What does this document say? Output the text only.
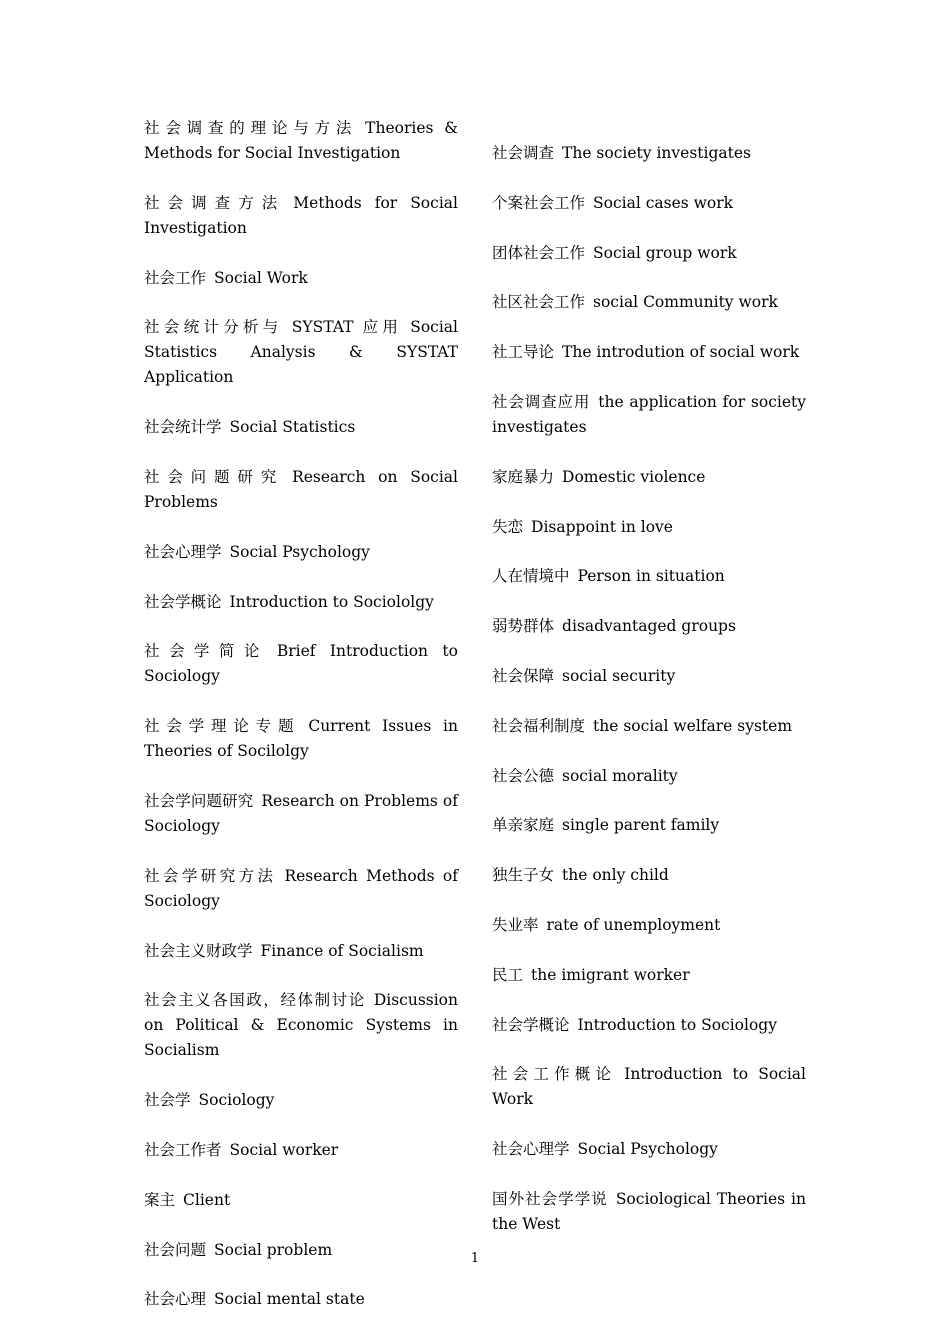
社会调查的理论与方法 Theories & Methods for Social Investigation

社会调查方法 Methods for Social Investigation

社会工作 Social Work

社会统计分析与 SYSTAT 应用 Social Statistics Analysis & SYSTAT Application

社会统计学 Social Statistics

社会问题研究 Research on Social Problems

社会心理学 Social Psychology

社会学概论 Introduction to Sociololgy

社会学简论 Brief Introduction to Sociology

社会学理论专题 Current Issues in Theories of Socilolgy

社会学问题研究 Research on Problems of Sociology

社会学研究方法 Research Methods of Sociology

社会主义财政学 Finance of Socialism

社会主义各国政，经体制讨论 Discussion on Political & Economic Systems in Socialism

社会学 Sociology

社会工作者 Social worker

案主 Client

社会问题 Social problem

社会心理 Social mental state

社会调查 The society investigates

个案社会工作 Social cases work

团体社会工作 Social group work

社区社会工作 social Community work

社工导论 The introdution of social work

社会调查应用 the application for society investigates

家庭暴力 Domestic violence

失恋 Disappoint in love

人在情境中 Person in situation

弱势群体 disadvantaged groups

社会保障 social security

社会福利制度 the social welfare system

社会公德 social morality

单亲家庭 single parent family

独生子女 the only child

失业率 rate of unemployment

民工 the imigrant worker

社会学概论 Introduction to Sociology

社会工作概论 Introduction to Social Work

社会心理学 Social Psychology

国外社会学学说 Sociological Theories in the West

1
